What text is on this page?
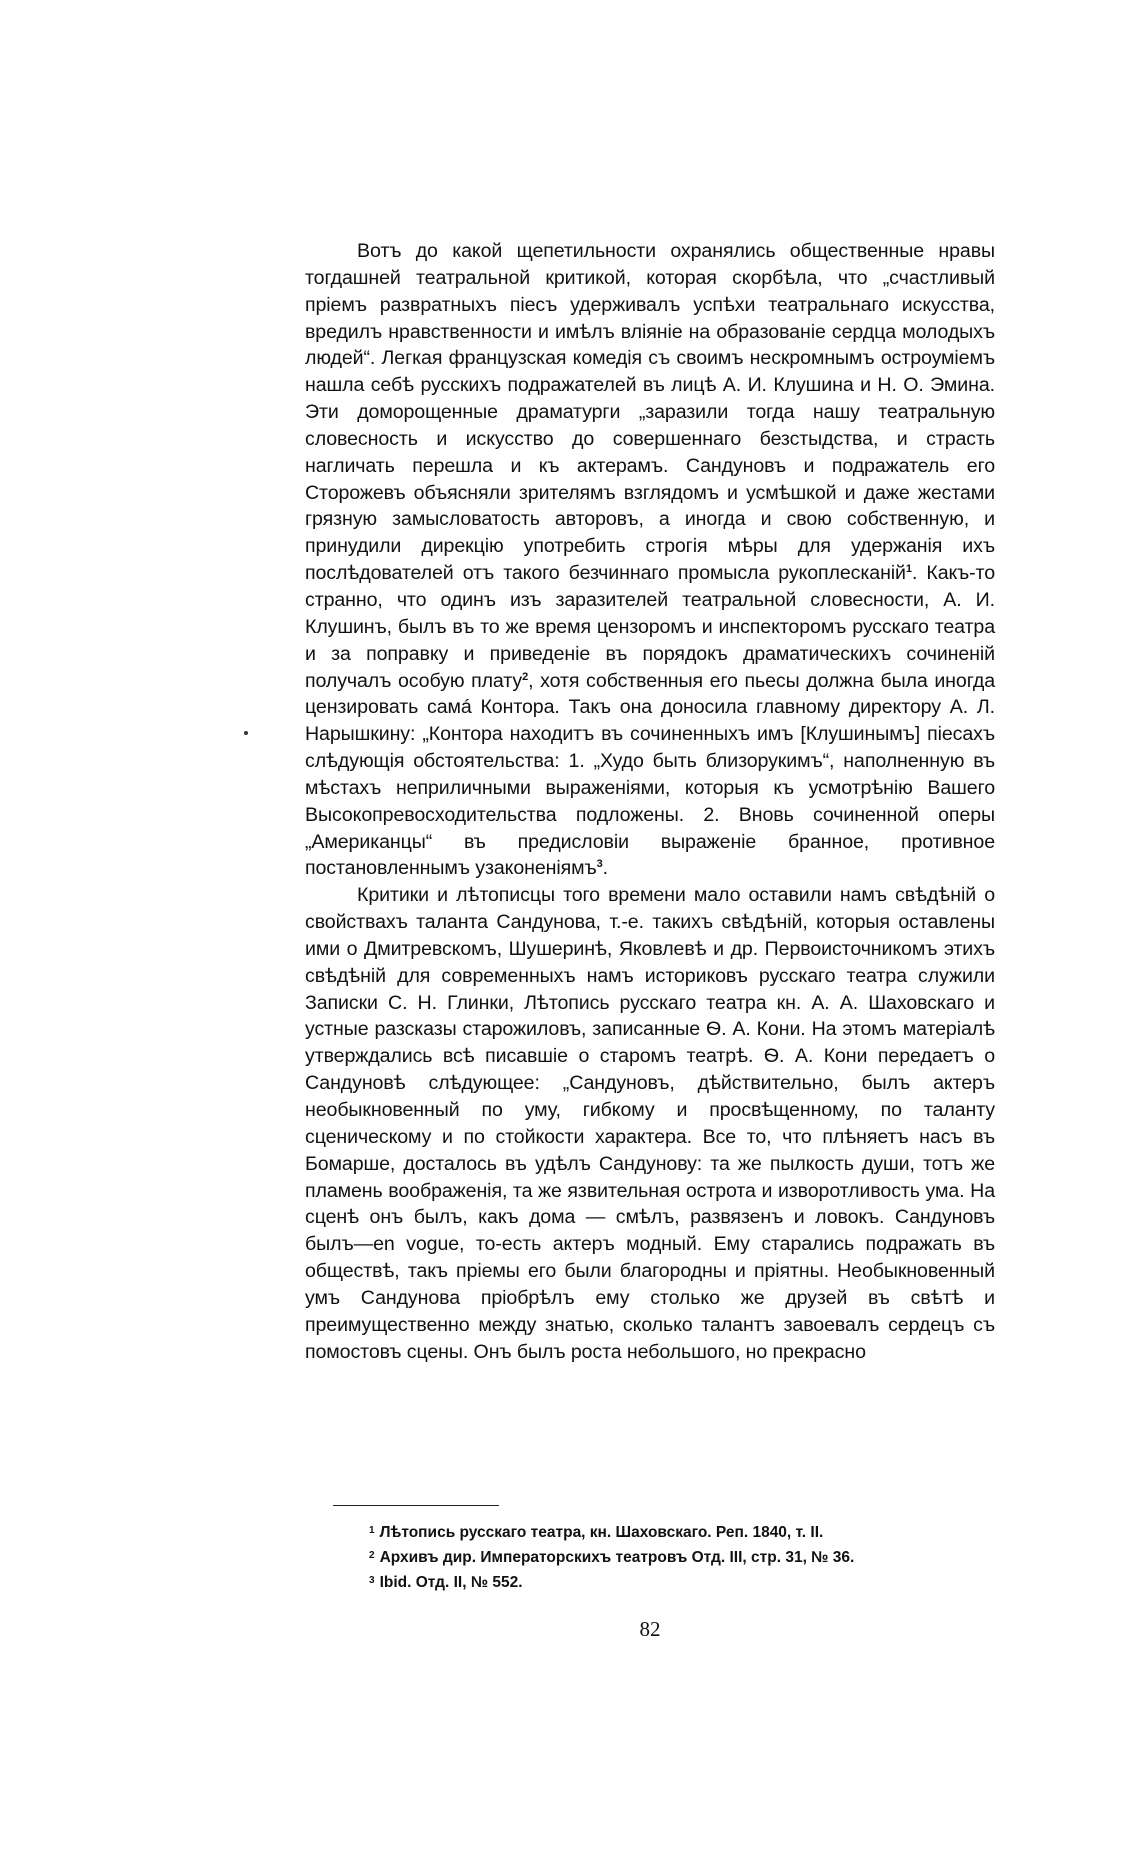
Вотъ до какой щепетильности охранялись общественные нравы тогдашней театральной критикой, которая скорбѣла, что „счастливый пріемъ развратныхъ піесъ удерживалъ успѣхи театральнаго искусства, вредилъ нравственности и имѣлъ вліяніе на образованіе сердца молодыхъ людей“. Легкая французская комедія съ своимъ нескромнымъ остроуміемъ нашла себѣ русскихъ подражателей въ лицѣ А. И. Клушина и Н. О. Эмина. Эти доморощенные драматурги „заразили тогда нашу театральную словесность и искусство до совершеннаго безстыдства, и страсть нагличать перешла и къ актерамъ. Сандуновъ и подражатель его Сторожевъ объясняли зрителямъ взглядомъ и усмѣшкой и даже жестами грязную замысловатость авторовъ, а иногда и свою собственную, и принудили дирекцію употребить строгія мѣры для удержанія ихъ послѣдователей отъ такого безчиннаго промысла рукоплесканій$^1$. Какъ-то странно, что одинъ изъ заразителей театральной словесности, А. И. Клушинъ, былъ въ то же время цензоромъ и инспекторомъ русскаго театра и за поправку и приведеніе въ порядокъ драматическихъ сочиненій получалъ особую плату$^2$, хотя собственныя его пьесы должна была иногда цензировать самá Контора. Такъ она доносила главному директору А. Л. Нарышкину: „Контора находитъ въ сочиненныхъ имъ [Клушинымъ] піесахъ слѣдующія обстоятельства: 1. „Худо быть близорукимъ“, наполненную въ мѣстахъ неприличными выраженіями, которыя къ усмотрѣнію Вашего Высокопревосходительства подложены. 2. Вновь сочиненной оперы „Американцы“ въ предисловіи выраженіе бранное, противное постановленнымъ узаконеніямъ$^3$.

Критики и лѣтописцы того времени мало оставили намъ свѣдѣній о свойствахъ таланта Сандунова, т.-е. такихъ свѣдѣній, которыя оставлены ими о Дмитревскомъ, Шушеринѣ, Яковлевѣ и др. Первоисточникомъ этихъ свѣдѣній для современныхъ намъ историковъ русскаго театра служили Записки С. Н. Глинки, Лѣтопись русскаго театра кн. А. А. Шаховскаго и устные разсказы старожиловъ, записанные Ѳ. А. Кони. На этомъ матеріалѣ утверждались всѣ писавшіе о старомъ театрѣ. Ѳ. А. Кони передаетъ о Сандуновѣ слѣдующее: „Сандуновъ, дѣйствительно, былъ актеръ необыкновенный по уму, гибкому и просвѣщенному, по таланту сценическому и по стойкости характера. Все то, что плѣняетъ насъ въ Бомарше, досталось въ удѣлъ Сандунову: та же пылкость души, тотъ же пламень воображенія, та же язвительная острота и изворотливость ума. На сценѣ онъ былъ, какъ дома — смѣлъ, развязенъ и ловокъ. Сандуновъ былъ—en vogue, то-есть актеръ модный. Ему старались подражать въ обществѣ, такъ пріемы его были благородны и пріятны. Необыкновенный умъ Сандунова пріобрѣлъ ему столько же друзей въ свѣтѣ и преимущественно между знатью, сколько талантъ завоевалъ сердецъ съ помостовъ сцены. Онъ былъ роста небольшого, но прекрасно

$^1$ Лѣтопись русскаго театра, кн. Шаховскаго. Реп. 1840, т. II.
$^2$ Архивъ дир. Императорскихъ театровъ Отд. III, стр. 31, № 36.
$^3$ Ibid. Отд. II, № 552.
82
